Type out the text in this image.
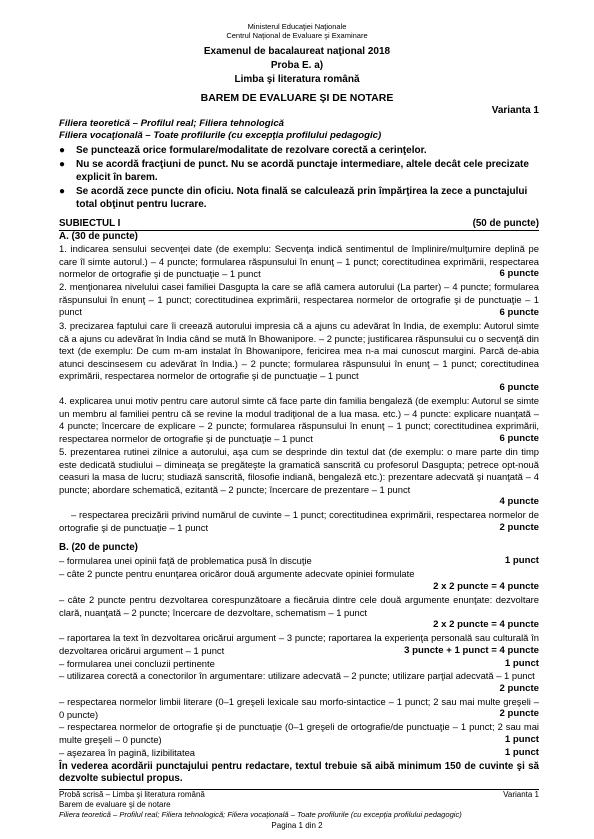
Ministerul Educaţiei Naţionale
Centrul Naţional de Evaluare şi Examinare
Examenul de bacalaureat naţional 2018
Proba E. a)
Limba şi literatura română
BAREM DE EVALUARE ŞI DE NOTARE
Varianta 1
Filiera teoretică – Profilul real; Filiera tehnologică
Filiera vocaţională – Toate profilurile (cu excepţia profilului pedagogic)
●	Se punctează orice formulare/modalitate de rezolvare corectă a cerinţelor.
●	Nu se acordă fracţiuni de punct. Nu se acordă punctaje intermediare, altele decât cele precizate explicit în barem.
●	Se acordă zece puncte din oficiu. Nota finală se calculează prin împărţirea la zece a punctajului total obţinut pentru lucrare.
SUBIECTUL I	(50 de puncte)
A. (30 de puncte)
1. indicarea sensului secvenţei date (de exemplu: Secvenţa indică sentimentul de împlinire/mulţumire deplină pe care îl simte autorul.) – 4 puncte; formularea răspunsului în enunţ – 1 punct; corectitudinea exprimării, respectarea normelor de ortografie şi de punctuaţie – 1 punct	6 puncte
2. menţionarea nivelului casei familiei Dasgupta la care se află camera autorului (La parter) – 4 puncte; formularea răspunsului în enunţ – 1 punct; corectitudinea exprimării, respectarea normelor de ortografie şi de punctuaţie – 1 punct	6 puncte
3. precizarea faptului care îi creează autorului impresia că a ajuns cu adevărat în India, de exemplu: Autorul simte că a ajuns cu adevărat în India când se mută în Bhowanipore. – 2 puncte; justificarea răspunsului cu o secvenţă din text (de exemplu: De cum m-am instalat în Bhowanipore, fericirea mea n-a mai cunoscut margini. Parcă de-abia atunci descinsesem cu adevărat în India.) – 2 puncte; formularea răspunsului în enunţ – 1 punct; corectitudinea exprimării, respectarea normelor de ortografie şi de punctuaţie – 1 punct
6 puncte
4. explicarea unui motiv pentru care autorul simte că face parte din familia bengaleză (de exemplu: Autorul se simte un membru al familiei pentru că se revine la modul tradiţional de a lua masa. etc.) – 4 puncte: explicare nuanţată – 4 puncte; încercare de explicare – 2 puncte; formularea răspunsului în enunţ – 1 punct; corectitudinea exprimării, respectarea normelor de ortografie şi de punctuaţie – 1 punct	6 puncte
5. prezentarea rutinei zilnice a autorului, aşa cum se desprinde din textul dat (de exemplu: o mare parte din timp este dedicată studiului – dimineaţa se pregăteşte la gramatică sanscrită cu profesorul Dasgupta; petrece opt-nouă ceasuri la masa de lucru; studiază sanscrită, filosofie indiană, bengaleză etc.): prezentare adecvată şi nuanţată – 4 puncte; abordare schematică, ezitantă – 2 puncte; încercare de prezentare – 1 punct
4 puncte
– respectarea precizării privind numărul de cuvinte – 1 punct; corectitudinea exprimării, respectarea normelor de ortografie şi de punctuaţie – 1 punct	2 puncte
B. (20 de puncte)
– formularea unei opinii faţă de problematica pusă în discuţie	1 punct
– câte 2 puncte pentru enunţarea oricăror două argumente adecvate opiniei formulate
2 x 2 puncte = 4 puncte
– câte 2 puncte pentru dezvoltarea corespunzătoare a fiecăruia dintre cele două argumente enunţate: dezvoltare clară, nuanţată – 2 puncte; încercare de dezvoltare, schematism – 1 punct
2 x 2 puncte = 4 puncte
– raportarea la text în dezvoltarea oricărui argument – 3 puncte; raportarea la experienţa personală sau culturală în dezvoltarea oricărui argument – 1 punct	3 puncte + 1 punct = 4 puncte
– formularea unei concluzii pertinente	1 punct
– utilizarea corectă a conectorilor în argumentare: utilizare adecvată – 2 puncte; utilizare parţial adecvată – 1 punct
2 puncte
– respectarea normelor limbii literare (0–1 greşeli lexicale sau morfo-sintactice – 1 punct; 2 sau mai multe greşeli – 0 puncte)	2 puncte
– respectarea normelor de ortografie şi de punctuaţie (0–1 greşeli de ortografie/de punctuaţie – 1 punct; 2 sau mai multe greşeli – 0 puncte)	1 punct
– aşezarea în pagină, lizibilitatea	1 punct
În vederea acordării punctajului pentru redactare, textul trebuie să aibă minimum 150 de cuvinte şi să dezvolte subiectul propus.
Probă scrisă – Limba şi literatura română	Varianta 1
Barem de evaluare şi de notare
Filiera teoretică – Profilul real; Filiera tehnologică; Filiera vocaţională – Toate profilurile (cu excepţia profilului pedagogic)
Pagina 1 din 2
